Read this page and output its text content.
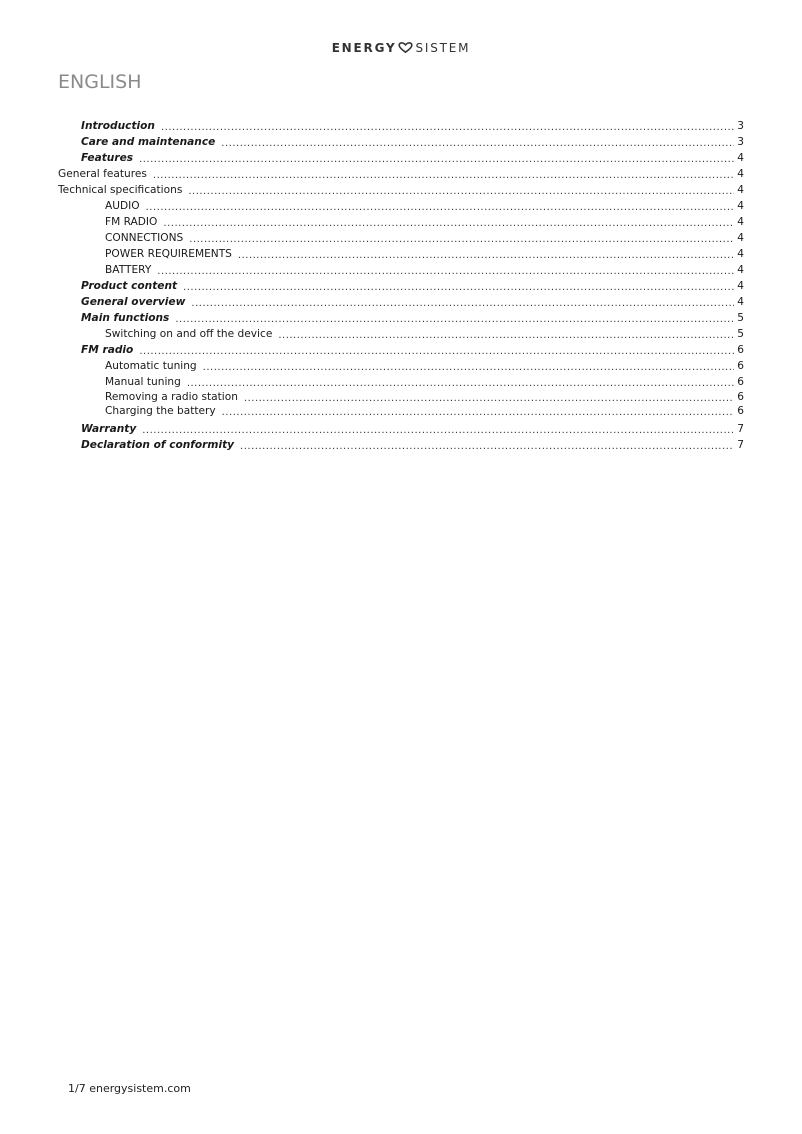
ENERGY SISTEM
ENGLISH
Introduction .....	3
Care and maintenance .....	3
Features .....	4
General features .....	4
Technical specifications .....	4
AUDIO .....	4
FM RADIO .....	4
CONNECTIONS .....	4
POWER REQUIREMENTS .....	4
BATTERY .....	4
Product content .....	4
General overview .....	4
Main functions .....	5
Switching on and off the device .....	5
FM radio .....	6
Automatic tuning .....	6
Manual tuning .....	6
Removing a radio station .....	6
Charging the battery .....	6
Warranty .....	7
Declaration of conformity .....	7
1/7 energysistem.com
